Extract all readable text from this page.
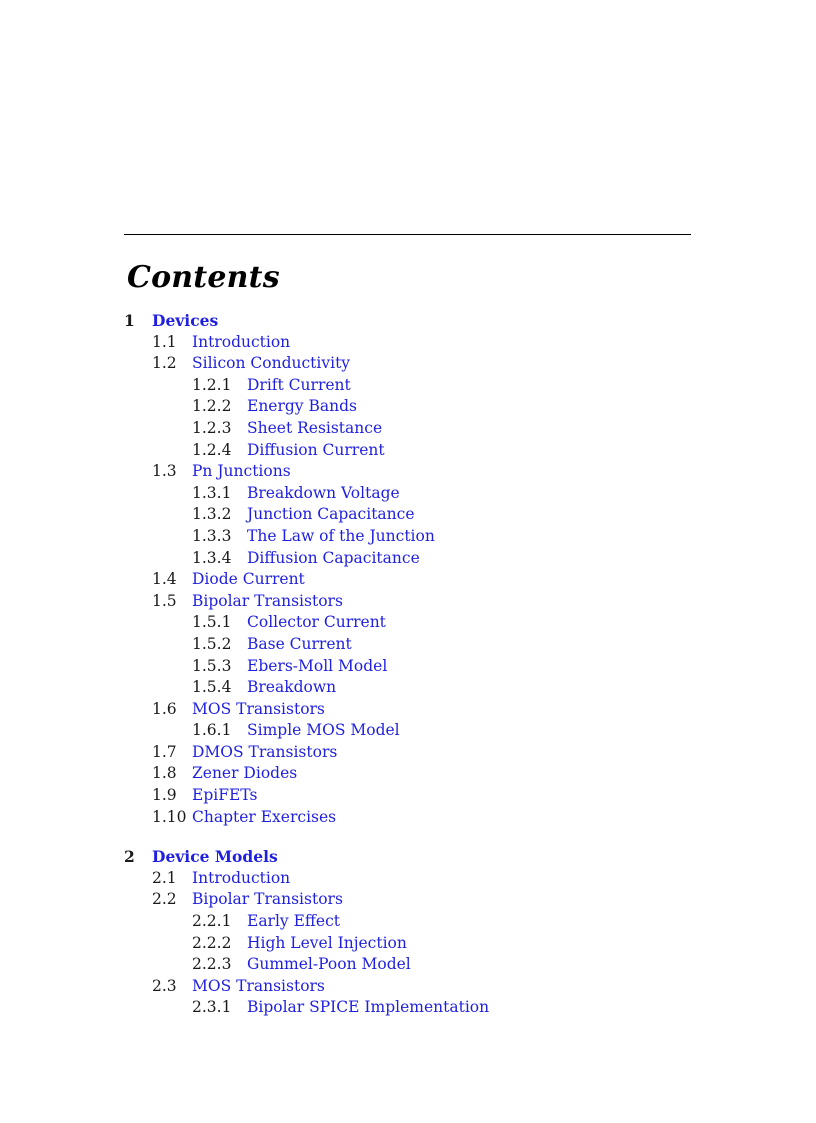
Contents
1 Devices
1.1 Introduction
1.2 Silicon Conductivity
1.2.1 Drift Current
1.2.2 Energy Bands
1.2.3 Sheet Resistance
1.2.4 Diffusion Current
1.3 Pn Junctions
1.3.1 Breakdown Voltage
1.3.2 Junction Capacitance
1.3.3 The Law of the Junction
1.3.4 Diffusion Capacitance
1.4 Diode Current
1.5 Bipolar Transistors
1.5.1 Collector Current
1.5.2 Base Current
1.5.3 Ebers-Moll Model
1.5.4 Breakdown
1.6 MOS Transistors
1.6.1 Simple MOS Model
1.7 DMOS Transistors
1.8 Zener Diodes
1.9 EpiFETs
1.10 Chapter Exercises
2 Device Models
2.1 Introduction
2.2 Bipolar Transistors
2.2.1 Early Effect
2.2.2 High Level Injection
2.2.3 Gummel-Poon Model
2.3 MOS Transistors
2.3.1 Bipolar SPICE Implementation
